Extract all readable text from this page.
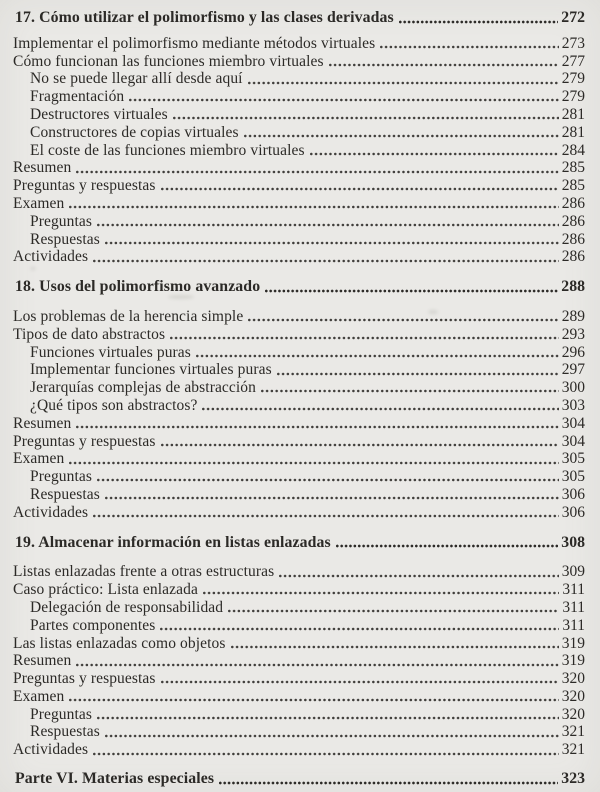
17. Cómo utilizar el polimorfismo y las clases derivadas	272
Implementar el polimorfismo mediante métodos virtuales	273
Cómo funcionan las funciones miembro virtuales	277
No se puede llegar allí desde aquí	279
Fragmentación	279
Destructores virtuales	281
Constructores de copias virtuales	281
El coste de las funciones miembro virtuales	284
Resumen	285
Preguntas y respuestas	285
Examen	286
Preguntas	286
Respuestas	286
Actividades	286
18. Usos del polimorfismo avanzado	288
Los problemas de la herencia simple	289
Tipos de dato abstractos	293
Funciones virtuales puras	296
Implementar funciones virtuales puras	297
Jerarquías complejas de abstracción	300
¿Qué tipos son abstractos?	303
Resumen	304
Preguntas y respuestas	304
Examen	305
Preguntas	305
Respuestas	306
Actividades	306
19. Almacenar información en listas enlazadas	308
Listas enlazadas frente a otras estructuras	309
Caso práctico: Lista enlazada	311
Delegación de responsabilidad	311
Partes componentes	311
Las listas enlazadas como objetos	319
Resumen	319
Preguntas y respuestas	320
Examen	320
Preguntas	320
Respuestas	321
Actividades	321
Parte VI. Materias especiales	323
